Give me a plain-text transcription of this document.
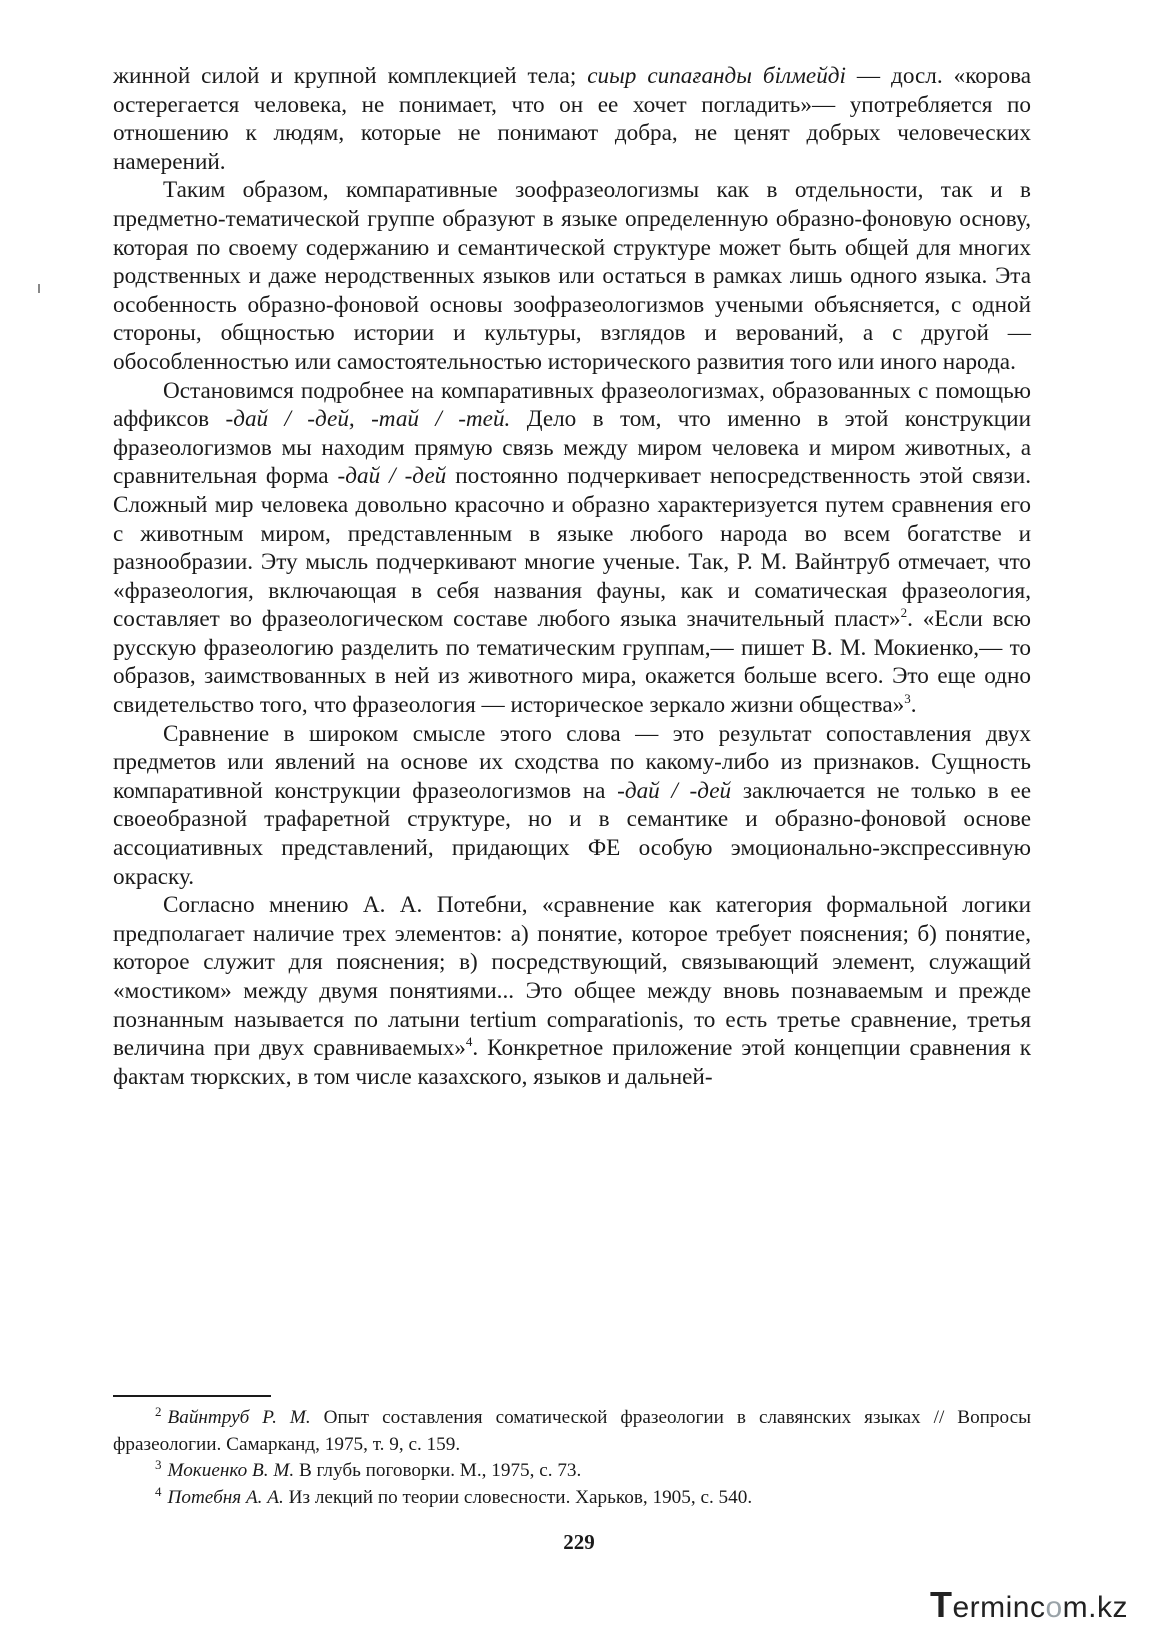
жинной силой и крупной комплекцией тела; сиыр сипағанды білмейді — досл. «корова остерегается человека, не понимает, что он ее хочет погладить»— употребляется по отношению к людям, которые не понимают добра, не ценят добрых человеческих намерений.

Таким образом, компаративные зоофразеологизмы как в отдельности, так и в предметно-тематической группе образуют в языке определенную образно-фоновую основу, которая по своему содержанию и семантической структуре может быть общей для многих родственных и даже неродственных языков или остаться в рамках лишь одного языка. Эта особенность образно-фоновой основы зоофразеологизмов учеными объясняется, с одной стороны, общностью истории и культуры, взглядов и верований, а с другой — обособленностью или самостоятельностью исторического развития того или иного народа.

Остановимся подробнее на компаративных фразеологизмах, образованных с помощью аффиксов -дай / -дей, -тай / -тей. Дело в том, что именно в этой конструкции фразеологизмов мы находим прямую связь между миром человека и миром животных, а сравнительная форма -дай / -дей постоянно подчеркивает непосредственность этой связи. Сложный мир человека довольно красочно и образно характеризуется путем сравнения его с животным миром, представленным в языке любого народа во всем богатстве и разнообразии. Эту мысль подчеркивают многие ученые. Так, Р. М. Вайнтруб отмечает, что «фразеология, включающая в себя названия фауны, как и соматическая фразеология, составляет во фразеологическом составе любого языка значительный пласт»$^2$. «Если всю русскую фразеологию разделить по тематическим группам,— пишет В. М. Мокиенко,— то образов, заимствованных в ней из животного мира, окажется больше всего. Это еще одно свидетельство того, что фразеология — историческое зеркало жизни общества»$^3$.

Сравнение в широком смысле этого слова — это результат сопоставления двух предметов или явлений на основе их сходства по какому-либо из признаков. Сущность компаративной конструкции фразеологизмов на -дай / -дей заключается не только в ее своеобразной трафаретной структуре, но и в семантике и образно-фоновой основе ассоциативных представлений, придающих ФЕ особую эмоционально-экспрессивную окраску.

Согласно мнению А. А. Потебни, «сравнение как категория формальной логики предполагает наличие трех элементов: а) понятие, которое требует пояснения; б) понятие, которое служит для пояснения; в) посредствующий, связывающий элемент, служащий «мостиком» между двумя понятиями... Это общее между вновь познаваемым и прежде познанным называется по латыни tertium comparationis, то есть третье сравнение, третья величина при двух сравниваемых»$^4$. Конкретное приложение этой концепции сравнения к фактам тюркских, в том числе казахского, языков и дальней-

$^2$ Вайнтруб Р. М. Опыт составления соматической фразеологии в славянских языках // Вопросы фразеологии. Самарканд, 1975, т. 9, с. 159.

$^3$ Мокиенко В. М. В глубь поговорки. М., 1975, с. 73.

$^4$ Потебня А. А. Из лекций по теории словесности. Харьков, 1905, с. 540.

229
Termincom.kz
